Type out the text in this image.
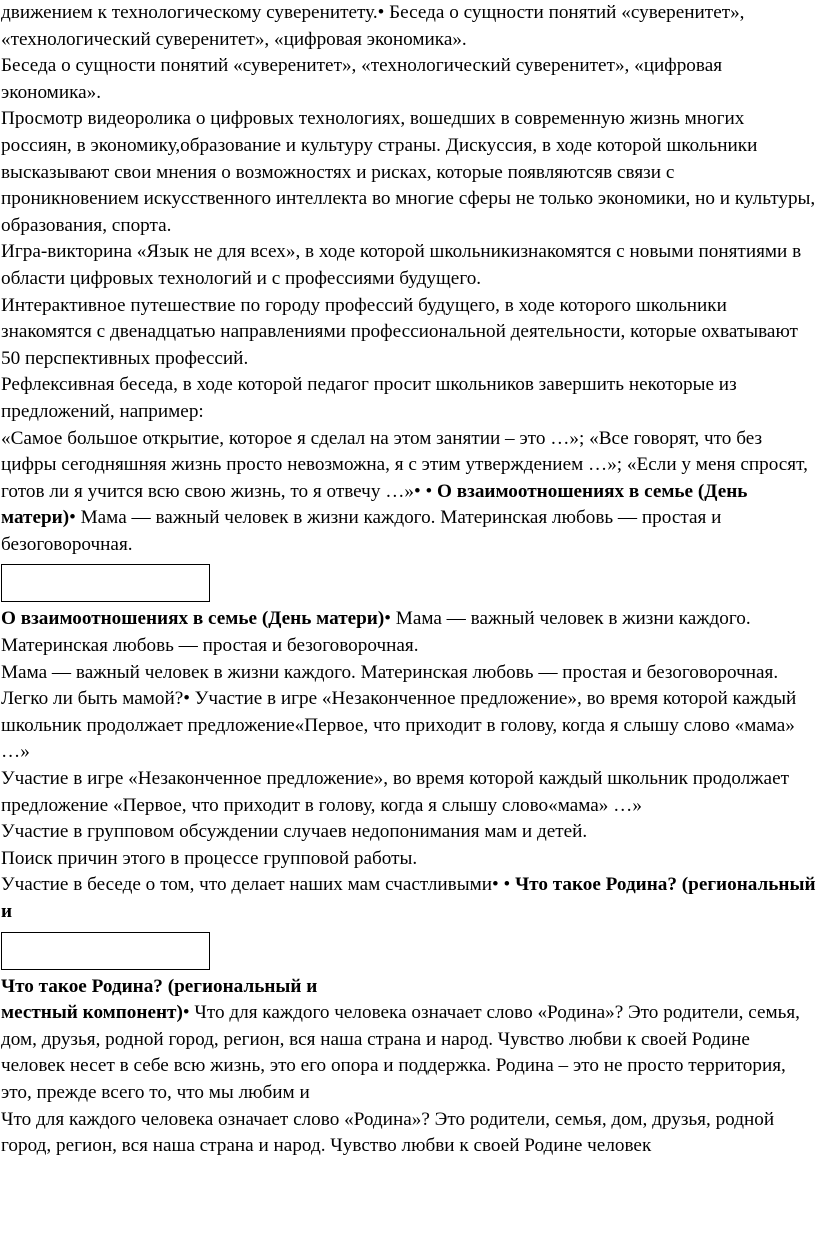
движением к технологическому суверенитету.• Беседа о сущности понятий «суверенитет», «технологический суверенитет», «цифровая экономика».

Беседа о сущности понятий «суверенитет», «технологический суверенитет», «цифровая экономика».

Просмотр видеоролика о цифровых технологиях, вошедших в современную жизнь многих россиян, в экономику,образование и культуру страны. Дискуссия, в ходе которой школьники высказывают свои мнения о возможностях и рисках, которые появляютсяв связи с проникновением искусственного интеллекта во многие сферы не только экономики, но и культуры, образования, спорта.

Игра-викторина «Язык не для всех», в ходе которой школьникизнакомятся с новыми понятиями в области цифровых технологий и с профессиями будущего.

Интерактивное путешествие по городу профессий будущего, в ходе которого школьники знакомятся с двенадцатью направлениями профессиональной деятельности, которые охватывают 50 перспективных профессий.

Рефлексивная беседа, в ходе которой педагог просит школьников завершить некоторые из предложений, например:

«Самое большое открытие, которое я сделал на этом занятии – это …»; «Все говорят, что без цифры сегодняшняя жизнь просто невозможна, я с этим утверждением …»; «Если у меня спросят, готов ли я учится всю свою жизнь, то я отвечу …»• • О взаимоотношениях в семье (День матери)• Мама — важный человек в жизни каждого. Материнская любовь — простая и безоговорочная.

О взаимоотношениях в семье (День матери)• Мама — важный человек в жизни каждого. Материнская любовь — простая и безоговорочная.

Мама — важный человек в жизни каждого. Материнская любовь — простая и безоговорочная.

Легко ли быть мамой?• Участие в игре «Незаконченное предложение», во время которой каждый школьник продолжает предложение«Первое, что приходит в голову, когда я слышу слово «мама» …»

Участие в игре «Незаконченное предложение», во время которой каждый школьник продолжает предложение «Первое, что приходит в голову, когда я слышу слово«мама» …»

Участие в групповом обсуждении случаев недопонимания мам и детей.

Поиск причин этого в процессе групповой работы.

Участие в беседе о том, что делает наших мам счастливыми• • Что такое Родина? (региональный и

Что такое Родина? (региональный и

местный компонент)• Что для каждого человека означает слово «Родина»? Это родители, семья, дом, друзья, родной город, регион, вся наша страна и народ. Чувство любви к своей Родине человек несет в себе всю жизнь, это его опора и поддержка. Родина – это не просто территория, это, прежде всего то, что мы любим и

Что для каждого человека означает слово «Родина»? Это родители, семья, дом, друзья, родной город, регион, вся наша страна и народ. Чувство любви к своей Родине человек
